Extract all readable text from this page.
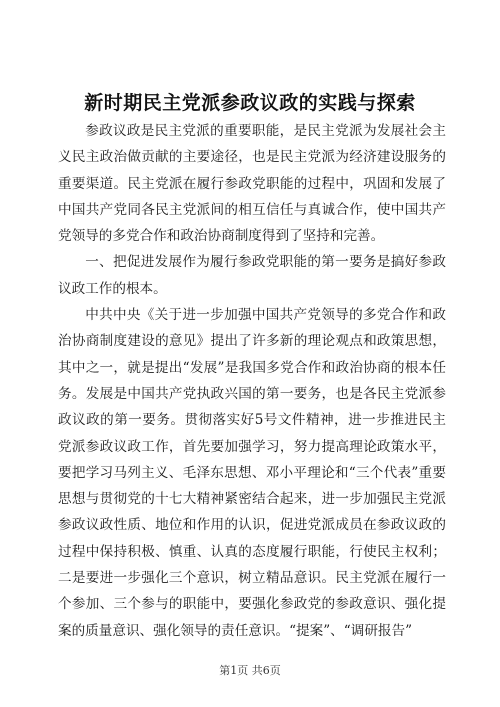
新时期民主党派参政议政的实践与探索

参政议政是民主党派的重要职能，是民主党派为发展社会主义民主政治做贡献的主要途径，也是民主党派为经济建设服务的重要渠道。民主党派在履行参政党职能的过程中，巩固和发展了中国共产党同各民主党派间的相互信任与真诚合作，使中国共产党领导的多党合作和政治协商制度得到了坚持和完善。

一、把促进发展作为履行参政党职能的第一要务是搞好参政议政工作的根本。

中共中央《关于进一步加强中国共产党领导的多党合作和政治协商制度建设的意见》提出了许多新的理论观点和政策思想，其中之一，就是提出“发展”是我国多党合作和政治协商的根本任务。发展是中国共产党执政兴国的第一要务，也是各民主党派参政议政的第一要务。贯彻落实好5号文件精神，进一步推进民主党派参政议政工作，首先要加强学习，努力提高理论政策水平，要把学习马列主义、毛泽东思想、邓小平理论和“三个代表”重要思想与贯彻党的十七大精神紧密结合起来，进一步加强民主党派参政议政性质、地位和作用的认识，促进党派成员在参政议政的过程中保持积极、慎重、认真的态度履行职能，行使民主权利；二是要进一步强化三个意识，树立精品意识。民主党派在履行一个参加、三个参与的职能中，要强化参政党的参政意识、强化提案的质量意识、强化领导的责任意识。“提案”、“调研报告”

第1页 共6页
